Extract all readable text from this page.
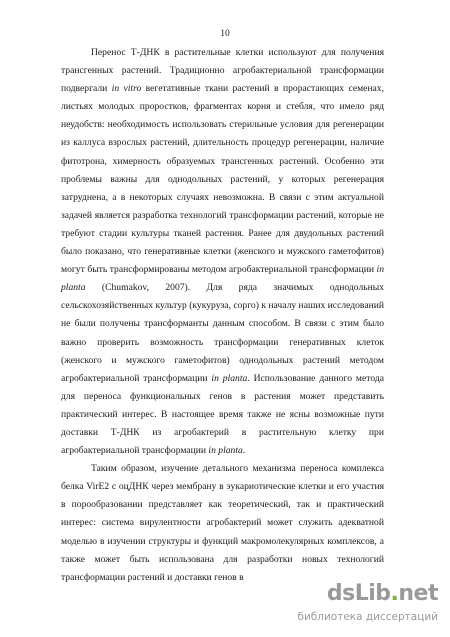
10

Перенос Т-ДНК в растительные клетки используют для получения трансгенных растений. Традиционно агробактериальной трансформации подвергали in vitro вегетативные ткани растений в прорастающих семенах, листьях молодых проростков, фрагментах корня и стебля, что имело ряд неудобств: необходимость использовать стерильные условия для регенерации из каллуса взрослых растений, длительность процедур регенерации, наличие фитотрона, химерность образуемых трансгенных растений. Особенно эти проблемы важны для однодольных растений, у которых регенерация затруднена, а в некоторых случаях невозможна. В связи с этим актуальной задачей является разработка технологий трансформации растений, которые не требуют стадии культуры тканей растения. Ранее для двудольных растений было показано, что генеративные клетки (женского и мужского гаметофитов) могут быть трансформированы методом агробактериальной трансформации in planta (Chumakov, 2007). Для ряда значимых однодольных сельскохозяйственных культур (кукуруза, сорго) к началу наших исследований не были получены трансформанты данным способом. В связи с этим было важно проверить возможность трансформации генеративных клеток (женского и мужского гаметофитов) однодольных растений методом агробактериальной трансформации in planta. Использование данного метода для переноса функциональных генов в растения может представить практический интерес. В настоящее время также не ясны возможные пути доставки Т-ДНК из агробактерий в растительную клетку при агробактериальной трансформации in planta.

Таким образом, изучение детального механизма переноса комплекса белка VirE2 с оцДНК через мембрану в эукариотические клетки и его участия в порообразовании представляет как теоретический, так и практический интерес: система вирулентности агробактерий может служить адекватной моделью в изучении структуры и функций макромолекулярных комплексов, а также может быть использована для разработки новых технологий трансформации растений и доставки генов в

dsLib.net
библиотека диссертаций
